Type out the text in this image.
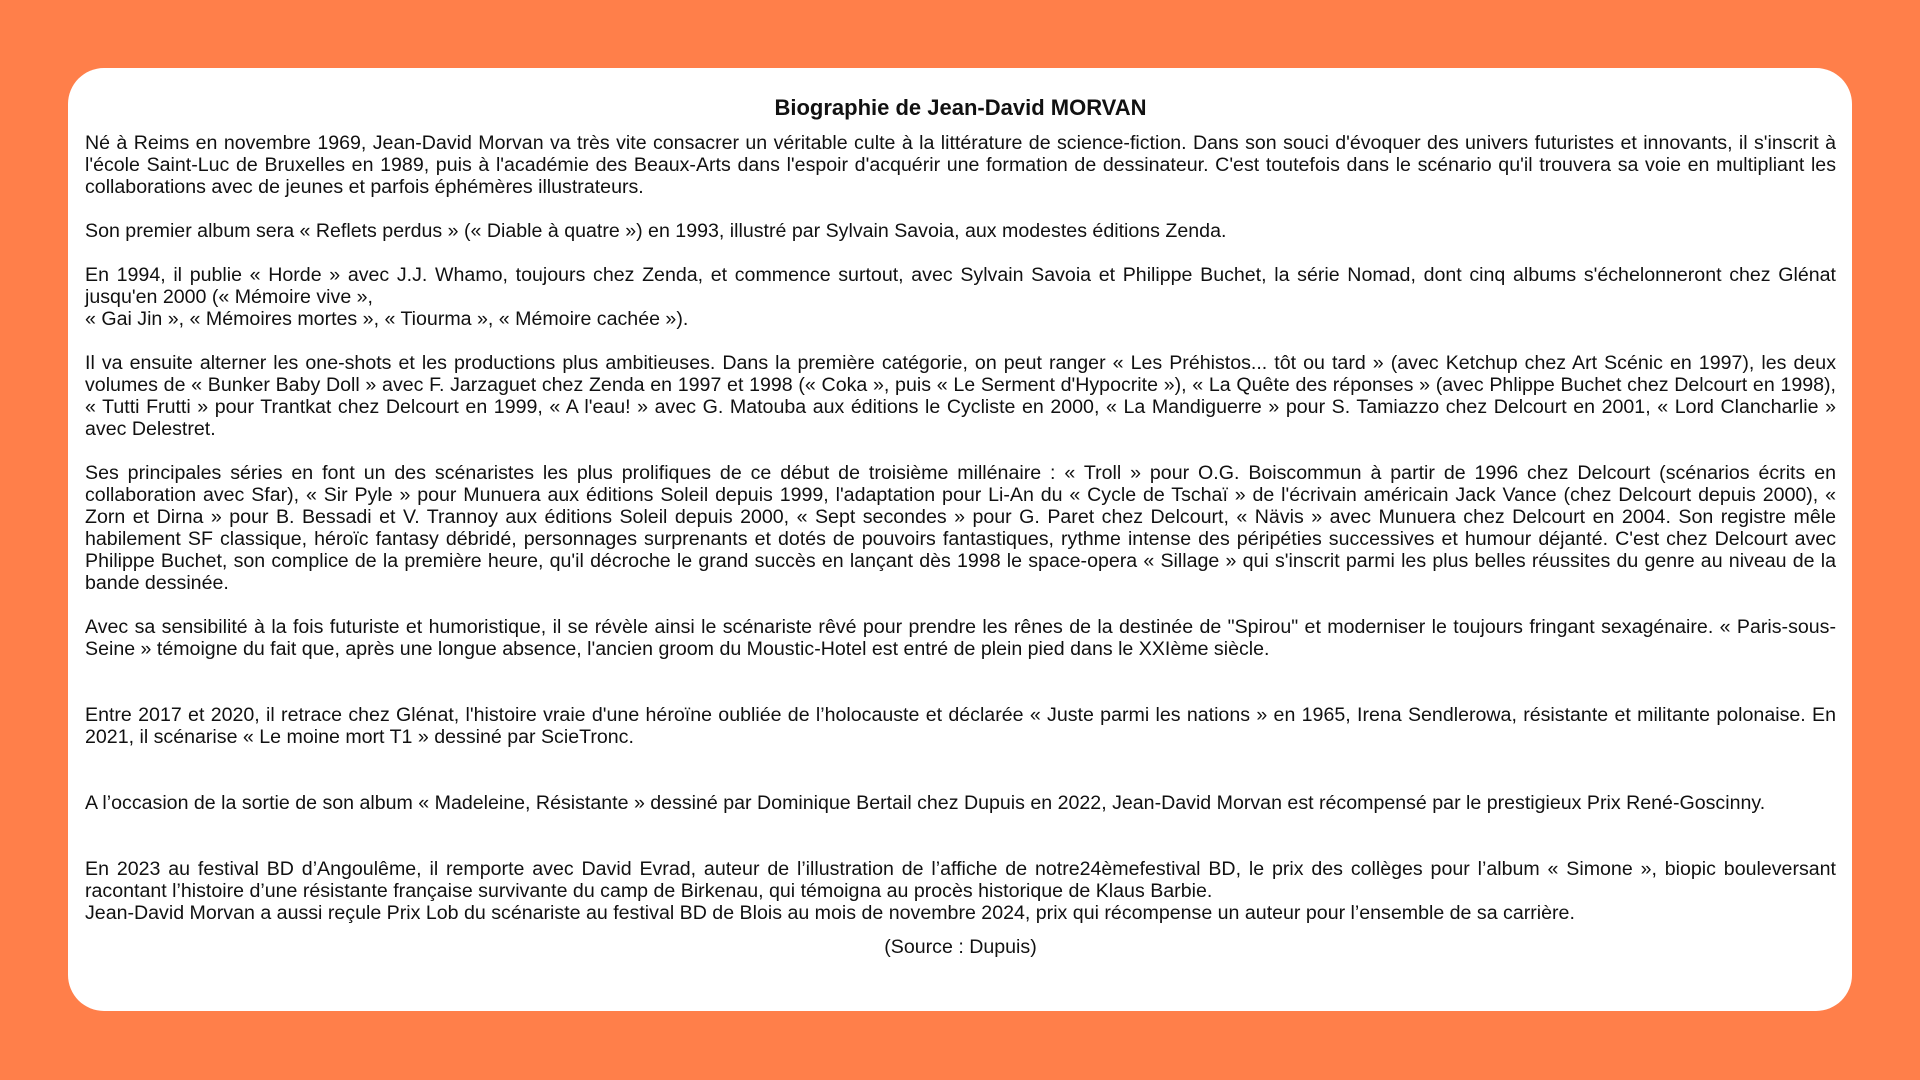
Biographie de Jean-David MORVAN

Né à Reims en novembre 1969, Jean-David Morvan va très vite consacrer un véritable culte à la littérature de science-fiction. Dans son souci d'évoquer des univers futuristes et innovants, il s'inscrit à l'école Saint-Luc de Bruxelles en 1989, puis à l'académie des Beaux-Arts dans l'espoir d'acquérir une formation de dessinateur. C'est toutefois dans le scénario qu'il trouvera sa voie en multipliant les collaborations avec de jeunes et parfois éphémères illustrateurs.

Son premier album sera « Reflets perdus » (« Diable à quatre ») en 1993, illustré par Sylvain Savoia, aux modestes éditions Zenda.

En 1994, il publie « Horde » avec J.J. Whamo, toujours chez Zenda, et commence surtout, avec Sylvain Savoia et Philippe Buchet, la série Nomad, dont cinq albums s'échelonneront chez Glénat jusqu'en 2000 (« Mémoire vive »,
« Gai Jin », « Mémoires mortes », « Tiourma », « Mémoire cachée »).

Il va ensuite alterner les one-shots et les productions plus ambitieuses. Dans la première catégorie, on peut ranger « Les Préhistos... tôt ou tard » (avec Ketchup chez Art Scénic en 1997), les deux volumes de « Bunker Baby Doll » avec F. Jarzaguet chez Zenda en 1997 et 1998 (« Coka », puis « Le Serment d'Hypocrite »), « La Quête des réponses » (avec Phlippe Buchet chez Delcourt en 1998), « Tutti Frutti » pour Trantkat chez Delcourt en 1999, « A l'eau! » avec G. Matouba aux éditions le Cycliste en 2000, « La Mandiguerre » pour S. Tamiazzo chez Delcourt en 2001, « Lord Clancharlie » avec Delestret.

Ses principales séries en font un des scénaristes les plus prolifiques de ce début de troisième millénaire : « Troll » pour O.G. Boiscommun à partir de 1996 chez Delcourt (scénarios écrits en collaboration avec Sfar), « Sir Pyle » pour Munuera aux éditions Soleil depuis 1999, l'adaptation pour Li-An du « Cycle de Tschaï » de l'écrivain américain Jack Vance (chez Delcourt depuis 2000), « Zorn et Dirna » pour B. Bessadi et V. Trannoy aux éditions Soleil depuis 2000, « Sept secondes » pour G. Paret chez Delcourt, « Nävis » avec Munuera chez Delcourt en 2004. Son registre mêle habilement SF classique, héroïc fantasy débridé, personnages surprenants et dotés de pouvoirs fantastiques, rythme intense des péripéties successives et humour déjanté. C'est chez Delcourt avec Philippe Buchet, son complice de la première heure, qu'il décroche le grand succès en lançant dès 1998 le space-opera « Sillage » qui s'inscrit parmi les plus belles réussites du genre au niveau de la bande dessinée.

Avec sa sensibilité à la fois futuriste et humoristique, il se révèle ainsi le scénariste rêvé pour prendre les rênes de la destinée de "Spirou" et moderniser le toujours fringant sexagénaire. « Paris-sous-Seine » témoigne du fait que, après une longue absence, l'ancien groom du Moustic-Hotel est entré de plein pied dans le XXIème siècle.

Entre 2017 et 2020, il retrace chez Glénat, l'histoire vraie d'une héroïne oubliée de l’holocauste et déclarée « Juste parmi les nations » en 1965, Irena Sendlerowa, résistante et militante polonaise. En 2021, il scénarise « Le moine mort T1 » dessiné par ScieTronc.

A l’occasion de la sortie de son album « Madeleine, Résistante » dessiné par Dominique Bertail chez Dupuis en 2022, Jean-David Morvan est récompensé par le prestigieux Prix René-Goscinny.

En 2023 au festival BD d’Angoulême, il remporte avec David Evrad, auteur de l’illustration de l’affiche de notre24èmefestival BD, le prix des collèges pour l’album « Simone », biopic bouleversant racontant l’histoire d’une résistante française survivante du camp de Birkenau, qui témoigna au procès historique de Klaus Barbie.

Jean-David Morvan a aussi reçule Prix Lob du scénariste au festival BD de Blois au mois de novembre 2024, prix qui récompense un auteur pour l’ensemble de sa carrière.

(Source : Dupuis)
